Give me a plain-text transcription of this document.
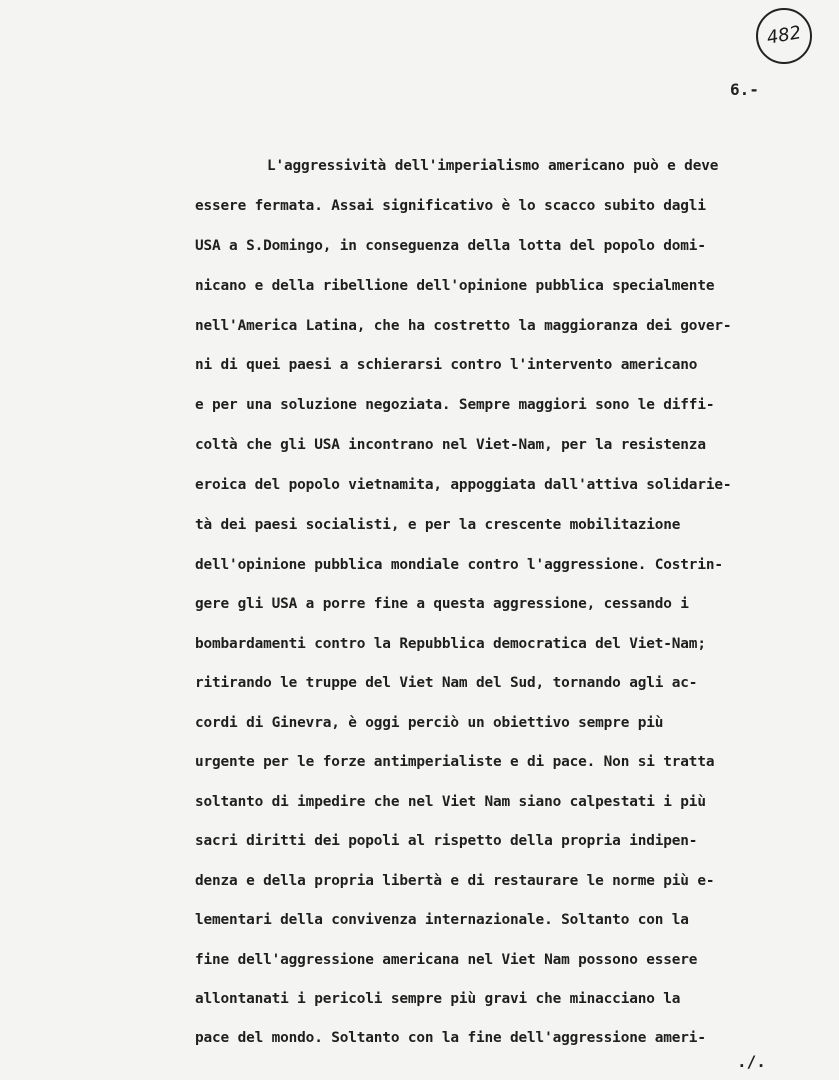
482
6.-
L'aggressività dell'imperialismo americano può e deve
essere fermata. Assai significativo è lo scacco subito dagli
USA a S.Domingo, in conseguenza della lotta del popolo domi-
nicano e della ribellione dell'opinione pubblica specialmente
nell'America Latina, che ha costretto la maggioranza dei gover-
ni di quei paesi a schierarsi contro l'intervento americano
e per una soluzione negoziata. Sempre maggiori sono le diffi-
coltà che gli USA incontrano nel Viet-Nam, per la resistenza
eroica del popolo vietnamita, appoggiata dall'attiva solidarie-
tà dei paesi socialisti, e per la crescente mobilitazione
dell'opinione pubblica mondiale contro l'aggressione. Costrin-
gere gli USA a porre fine a questa aggressione, cessando i
bombardamenti contro la Repubblica democratica del Viet-Nam;
ritirando le truppe del Viet Nam del Sud, tornando agli ac-
cordi di Ginevra, è oggi perciò un obiettivo sempre più
urgente per le forze antimperialiste e di pace. Non si tratta
soltanto di impedire che nel Viet Nam siano calpestati i più
sacri diritti dei popoli al rispetto della propria indipen-
denza e della propria libertà e di restaurare le norme più e-
lementari della convivenza internazionale. Soltanto con la
fine dell'aggressione americana nel Viet Nam possono essere
allontanati i pericoli sempre più gravi che minacciano la
pace del mondo. Soltanto con la fine dell'aggressione ameri-
./.
